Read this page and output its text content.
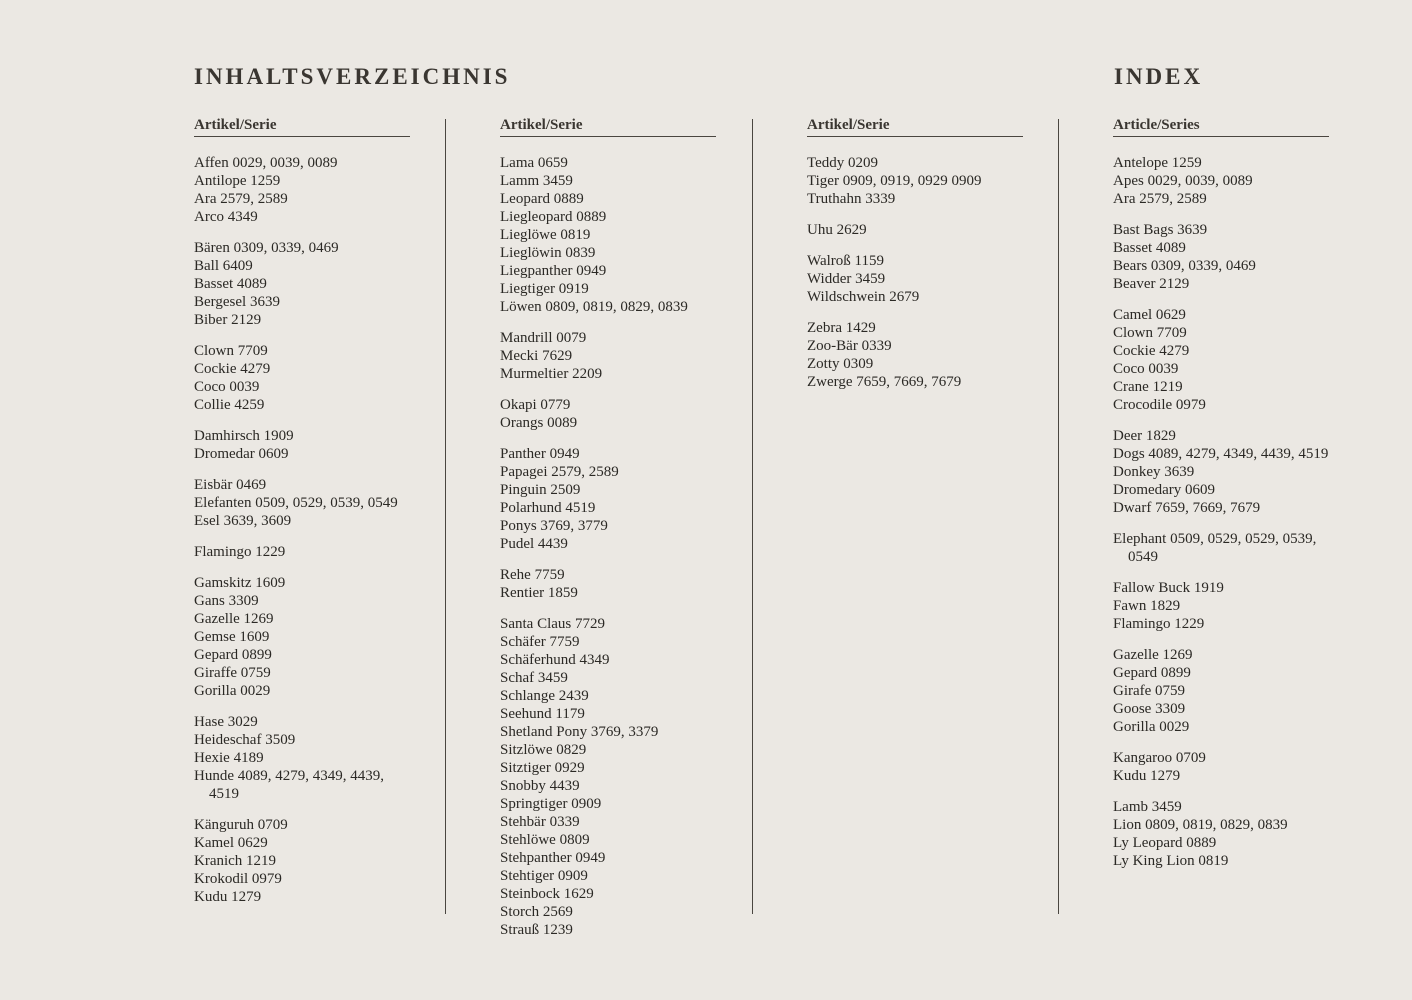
INHALTSVERZEICHNIS	INDEX
Artikel/Serie
Affen 0029, 0039, 0089
Antilope 1259
Ara 2579, 2589
Arco 4349
Bären 0309, 0339, 0469
Ball 6409
Basset 4089
Bergesel 3639
Biber 2129
Clown 7709
Cockie 4279
Coco 0039
Collie 4259
Damhirsch 1909
Dromedar 0609
Eisbär 0469
Elefanten 0509, 0529, 0539, 0549
Esel 3639, 3609
Flamingo 1229
Gamskitz 1609
Gans 3309
Gazelle 1269
Gemse 1609
Gepard 0899
Giraffe 0759
Gorilla 0029
Hase 3029
Heideschaf 3509
Hexie 4189
Hunde 4089, 4279, 4349, 4439, 4519
Känguruh 0709
Kamel 0629
Kranich 1219
Krokodil 0979
Kudu 1279
Artikel/Serie
Lama 0659
Lamm 3459
Leopard 0889
Liegleopard 0889
Lieglöwe 0819
Lieglöwin 0839
Liegpanther 0949
Liegtiger 0919
Löwen 0809, 0819, 0829, 0839
Mandrill 0079
Mecki 7629
Murmeltier 2209
Okapi 0779
Orangs 0089
Panther 0949
Papagei 2579, 2589
Pinguin 2509
Polarhund 4519
Ponys 3769, 3779
Pudel 4439
Rehe 7759
Rentier 1859
Santa Claus 7729
Schäfer 7759
Schäferhund 4349
Schaf 3459
Schlange 2439
Seehund 1179
Shetland Pony 3769, 3379
Sitzlöwe 0829
Sitztiger 0929
Snobby 4439
Springtiger 0909
Stehbär 0339
Stehlöwe 0809
Stehpanther 0949
Stehtiger 0909
Steinbock 1629
Storch 2569
Strauß 1239
Artikel/Serie
Teddy 0209
Tiger 0909, 0919, 0929 0909
Truthahn 3339
Uhu 2629
Walroß 1159
Widder 3459
Wildschwein 2679
Zebra 1429
Zoo-Bär 0339
Zotty 0309
Zwerge 7659, 7669, 7679
Article/Series
Antelope 1259
Apes 0029, 0039, 0089
Ara 2579, 2589
Bast Bags 3639
Basset 4089
Bears 0309, 0339, 0469
Beaver 2129
Camel 0629
Clown 7709
Cockie 4279
Coco 0039
Crane 1219
Crocodile 0979
Deer 1829
Dogs 4089, 4279, 4349, 4439, 4519
Donkey 3639
Dromedary 0609
Dwarf 7659, 7669, 7679
Elephant 0509, 0529, 0529, 0539, 0549
Fallow Buck 1919
Fawn 1829
Flamingo 1229
Gazelle 1269
Gepard 0899
Girafe 0759
Goose 3309
Gorilla 0029
Kangaroo 0709
Kudu 1279
Lamb 3459
Lion 0809, 0819, 0829, 0839
Ly Leopard 0889
Ly King Lion 0819
